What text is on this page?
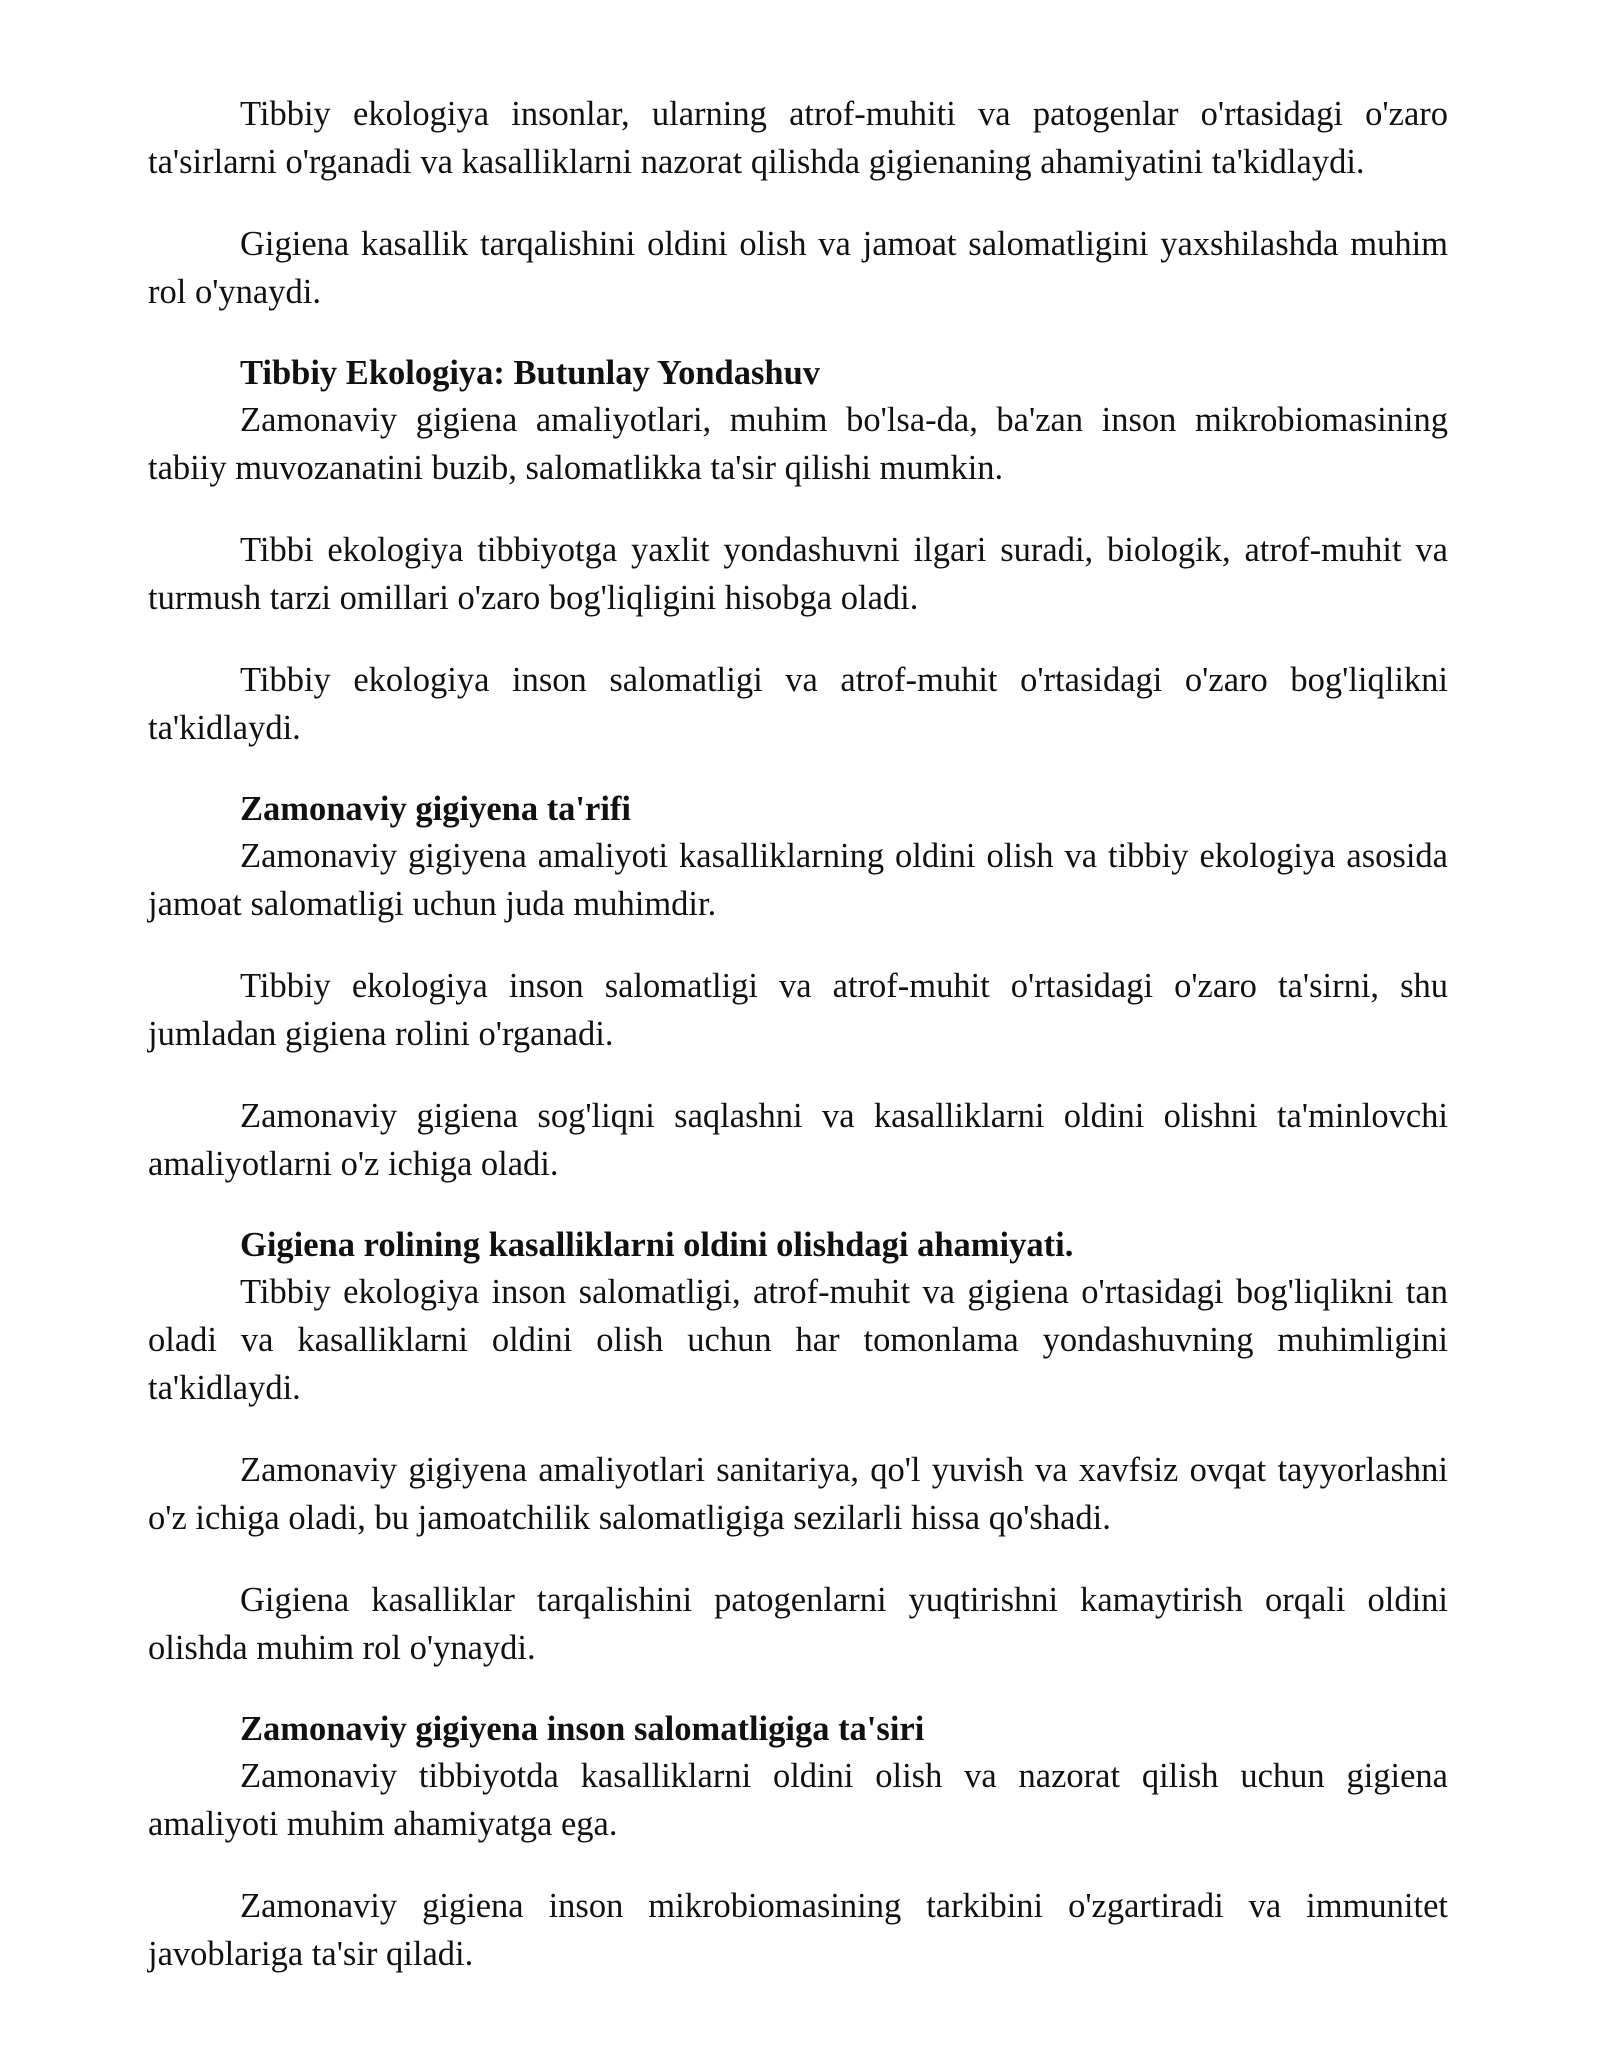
Tibbiy ekologiya insonlar, ularning atrof-muhiti va patogenlar o'rtasidagi o'zaro ta'sirlarni o'rganadi va kasalliklarni nazorat qilishda gigienaning ahamiyatini ta'kidlaydi.

Gigiena kasallik tarqalishini oldini olish va jamoat salomatligini yaxshilashda muhim rol o'ynaydi.

Tibbiy Ekologiya: Butunlay Yondashuv

Zamonaviy gigiena amaliyotlari, muhim bo'lsa-da, ba'zan inson mikrobiomasining tabiiy muvozanatini buzib, salomatlikka ta'sir qilishi mumkin.

Tibbi ekologiya tibbiyotga yaxlit yondashuvni ilgari suradi, biologik, atrof-muhit va turmush tarzi omillari o'zaro bog'liqligini hisobga oladi.

Tibbiy ekologiya inson salomatligi va atrof-muhit o'rtasidagi o'zaro bog'liqlikni ta'kidlaydi.

Zamonaviy gigiyena ta'rifi

Zamonaviy gigiyena amaliyoti kasalliklarning oldini olish va tibbiy ekologiya asosida jamoat salomatligi uchun juda muhimdir.

Tibbiy ekologiya inson salomatligi va atrof-muhit o'rtasidagi o'zaro ta'sirni, shu jumladan gigiena rolini o'rganadi.

Zamonaviy gigiena sog'liqni saqlashni va kasalliklarni oldini olishni ta'minlovchi amaliyotlarni o'z ichiga oladi.

Gigiena rolining kasalliklarni oldini olishdagi ahamiyati.

Tibbiy ekologiya inson salomatligi, atrof-muhit va gigiena o'rtasidagi bog'liqlikni tan oladi va kasalliklarni oldini olish uchun har tomonlama yondashuvning muhimligini ta'kidlaydi.

Zamonaviy gigiyena amaliyotlari sanitariya, qo'l yuvish va xavfsiz ovqat tayyorlashni o'z ichiga oladi, bu jamoatchilik salomatligiga sezilarli hissa qo'shadi.

Gigiena kasalliklar tarqalishini patogenlarni yuqtirishni kamaytirish orqali oldini olishda muhim rol o'ynaydi.

Zamonaviy gigiyena inson salomatligiga ta'siri

Zamonaviy tibbiyotda kasalliklarni oldini olish va nazorat qilish uchun gigiena amaliyoti muhim ahamiyatga ega.

Zamonaviy gigiena inson mikrobiomasining tarkibini o'zgartiradi va immunitet javoblariga ta'sir qiladi.
